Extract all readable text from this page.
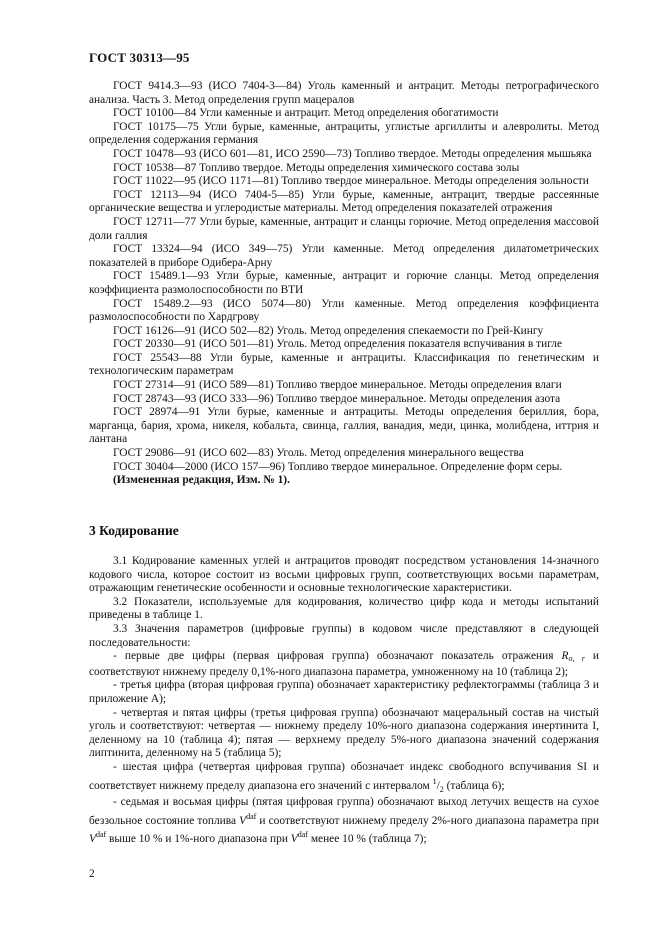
ГОСТ 30313—95

ГОСТ 9414.3—93 (ИСО 7404-3—84) Уголь каменный и антрацит. Методы петрографического анализа. Часть 3. Метод определения групп мацералов

ГОСТ 10100—84 Угли каменные и антрацит. Метод определения обогатимости

ГОСТ 10175—75 Угли бурые, каменные, антрациты, углистые аргиллиты и алевролиты. Метод определения содержания германия

ГОСТ 10478—93 (ИСО 601—81, ИСО 2590—73) Топливо твердое. Методы определения мышьяка

ГОСТ 10538—87 Топливо твердое. Методы определения химического состава золы

ГОСТ 11022—95 (ИСО 1171—81) Топливо твердое минеральное. Методы определения зольности

ГОСТ 12113—94 (ИСО 7404-5—85) Угли бурые, каменные, антрацит, твердые рассеянные органические вещества и углеродистые материалы. Метод определения показателей отражения

ГОСТ 12711—77 Угли бурые, каменные, антрацит и сланцы горючие. Метод определения массовой доли галлия

ГОСТ 13324—94 (ИСО 349—75) Угли каменные. Метод определения дилатометрических показателей в приборе Одибера-Арну

ГОСТ 15489.1—93 Угли бурые, каменные, антрацит и горючие сланцы. Метод определения коэффициента размолоспособности по ВТИ

ГОСТ 15489.2—93 (ИСО 5074—80) Угли каменные. Метод определения коэффициента размолоспособности по Хардгрову

ГОСТ 16126—91 (ИСО 502—82) Уголь. Метод определения спекаемости по Грей-Кингу

ГОСТ 20330—91 (ИСО 501—81) Уголь. Метод определения показателя вспучивания в тигле

ГОСТ 25543—88 Угли бурые, каменные и антрациты. Классификация по генетическим и технологическим параметрам

ГОСТ 27314—91 (ИСО 589—81) Топливо твердое минеральное. Методы определения влаги

ГОСТ 28743—93 (ИСО 333—96) Топливо твердое минеральное. Методы определения азота

ГОСТ 28974—91 Угли бурые, каменные и антрациты. Методы определения бериллия, бора, марганца, бария, хрома, никеля, кобальта, свинца, галлия, ванадия, меди, цинка, молибдена, иттрия и лантана

ГОСТ 29086—91 (ИСО 602—83) Уголь. Метод определения минерального вещества

ГОСТ 30404—2000 (ИСО 157—96) Топливо твердое минеральное. Определение форм серы.

(Измененная редакция, Изм. № 1).

3 Кодирование

3.1 Кодирование каменных углей и антрацитов проводят посредством установления 14-значного кодового числа, которое состоит из восьми цифровых групп, соответствующих восьми параметрам, отражающим генетические особенности и основные технологические характеристики.

3.2 Показатели, используемые для кодирования, количество цифр кода и методы испытаний приведены в таблице 1.

3.3 Значения параметров (цифровые группы) в кодовом числе представляют в следующей последовательности:

- первые две цифры (первая цифровая группа) обозначают показатель отражения $R_{o, r}$ и соответствуют нижнему пределу 0,1%-ного диапазона параметра, умноженному на 10 (таблица 2);

- третья цифра (вторая цифровая группа) обозначает характеристику рефлектограммы (таблица 3 и приложение А);

- четвертая и пятая цифры (третья цифровая группа) обозначают мацеральный состав на чистый уголь и соответствуют: четвертая — нижнему пределу 10%-ного диапазона содержания инертинита I, деленному на 10 (таблица 4); пятая — верхнему пределу 5%-ного диапазона значений содержания липтинита, деленному на 5 (таблица 5);

- шестая цифра (четвертая цифровая группа) обозначает индекс свободного вспучивания SI и соответствует нижнему пределу диапазона его значений с интервалом $^1/_2$ (таблица 6);

- седьмая и восьмая цифры (пятая цифровая группа) обозначают выход летучих веществ на сухое беззольное состояние топлива $V^{daf}$ и соответствуют нижнему пределу 2%-ного диапазона параметра при $V^{daf}$ выше 10 % и 1%-ного диапазона при $V^{daf}$ менее 10 % (таблица 7);

2
